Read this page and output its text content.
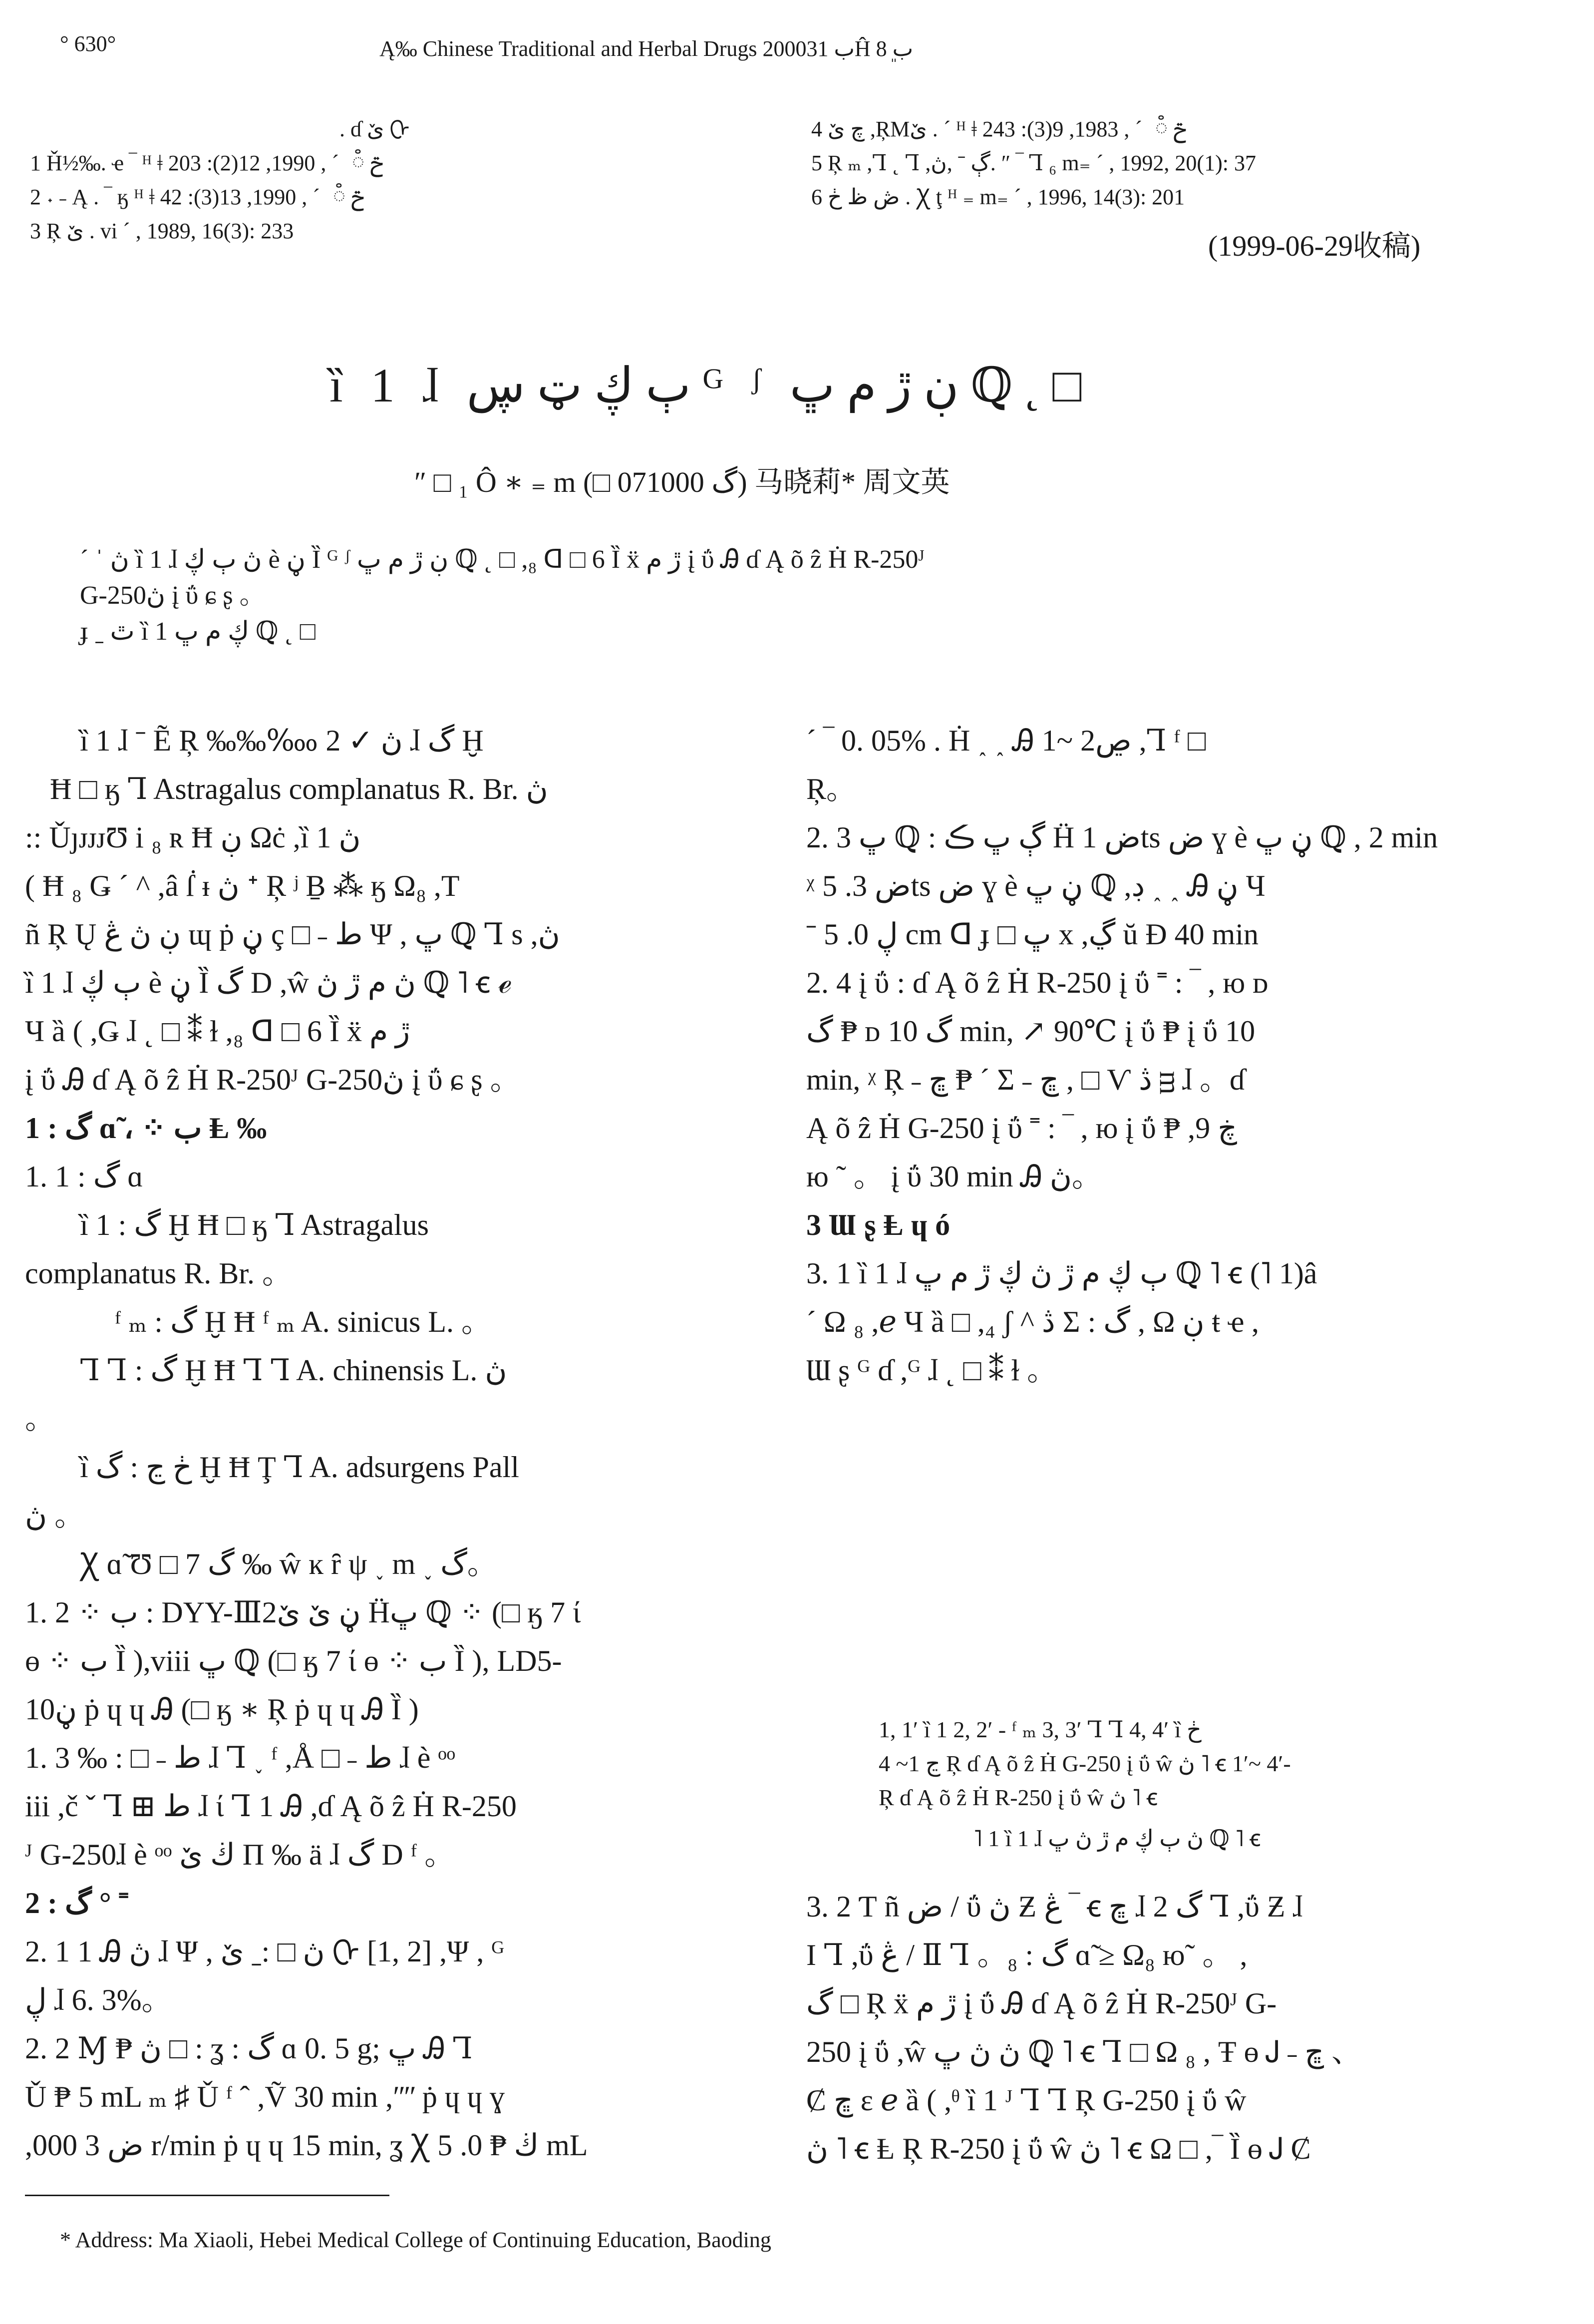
° 630°	Ą‰ Chinese Traditional and Herbal Drugs 2000ب 31Ĥ ب 8ܸ
. ɗ ێ ᢕ
1 Ȟ½‰. ҽ ‾ ᴴ ǂ ݗ ៓ ៓ ˊ , 1990, 12(2): 203
2 ˖ ˗ Ą . ‾ ӄ ᴴ ǂ ݗ ៓ ៓ ˊ , 1990, 13(3): 42
3 Ŗ ێ . vi ˊ , 1989, 16(3): 233
4 چ ێ ,ŖMێ . ˊ ᴴ ǂ ݗ ៓ ៓ ˊ , 1983, 9(3): 243
5 Ŗ ₘ ,Ꞁ ˛ Ꞁ ,ڳ ˉ ,ڽ. ″ ‾ Ꞁ ₆ m₌ ˊ , 1992, 20(1): 37
6 ڞ ظ ڂ . Ꭓ ţ ᴴ ₌ m₌ ˊ , 1996, 14(3): 201
(1999-06-29收稿)
ȉ 1 ɺ ٻ ڮ ټ ڛ ᴳ ᶴ ڹ ڙ م ڀ ℚ ˛ □
″ □ ₁ Ô ∗ ₌ m (□ گ 071000) 马晓莉* 周文英
ˊ ˈ ڽ ȉ 1 ɺ ڽ ٻ ڮ è ڼ Ȉ ᴳ ᶴ ڹ ڙ م ڀ ℚ ˛ □ ,₈ ᗡ □ 6 Ȉ ẍ ڙ م į ΰ Ꭿ ɗ Ą õ ẑ Ḣ R-250ᴶ
G-250ڽ į ΰ ɕ ʂ 。
ɟ ˍ ٿ ȉ 1 ڮ م ڀ ℚ ˛ □
ȉ 1 ɺ ˉ Ẽ Ŗ ‰‰‱ 2 ✓ ڽ ɺ گ Ḫ
Ħ □ ӄ Ꞁ Astragalus complanatus R. Br. ڽ
:: ǓȷᴊᴊᴊƱ i ₈ ʀ Ħ ڹ Ωċ ,ȉ 1 ڽ
( Ħ ₈ Ǥ ˊ ^ ,â ẛ ᵻ ڽ ᐩ Ŗ ʲ Ḇ ⁂ ӄ Ω₈ ,T
ñ Ŗ Ų ڹ ڽ ڠ ɰ ṗ ڼ ç □ ˗ ط Ψ , ڀ ℚ Ꞁ s ,ڽ
ȉ 1 ɺ ٻ ڮ è ڼ Ȉ گ D ,ŵ ڽ م ڙ ڽ ℚ ˥ ꞓ ℯ
Ч ȁ ( ,Ǥ ɺ ˛ □ ⁑ ɫ ,₈ ᗡ □ 6 Ȉ ẍ ڙ م
į ΰ Ꭿ ɗ Ą õ ẑ Ḣ R-250ᴶ G-250ڽ į ΰ ɕ ʂ 。
1 : گ ɑ̃ ، ⁘ ب Ⱡ ‰
1. 1 : گ ɑ
ȉ 1 : گ Ḫ Ħ □ ӄ Ꞁ Astragalus
complanatus R. Br. 。
ᶠ ₘ : گ Ḫ Ħ ᶠ ₘ A. sinicus L. 。
Ꞁ Ꞁ : گ Ḫ Ħ Ꞁ Ꞁ A. chinensis L. ڽ
。
ȉ ڂ ڃ : گ Ḫ Ħ Ţ Ꞁ A. adsurgens Pall
ڽ 。
Ꭓ ɑ̃ Ʊ □ گ 7 ‰ ŵ ĸ ȓ ψ ˯ m ˯ گ。
1. 2 ⁘ ب : DYY-Ⅲ2ڼ ێ ێ Ḧڀ ℚ ⁘ (□ ӄ 7 ί
ɵ ⁘ ب Ȉ ),viii ڀ ℚ (□ ӄ 7 ί ɵ ⁘ ب Ȉ ), LD5-
10ڼ ṗ ɥ ɥ Ꭿ (□ ӄ ∗ Ŗ ṗ ɥ ɥ Ꭿ Ȉ )
1. 3 ‰ : □ ˗ ط ɺ Ꞁ ˯ ᶠ ,Å □ ˗ ط ɺ è ᵒᵒ
iii ,č ˇ Ꞁ ⊞ ط ɺ ί Ꞁ 1 Ꭿ ,ɗ Ą õ ẑ Ḣ R-250
ᴶ G-250ɺ è ᵒᵒ ڬ ێ Π ‰ ä ɺ گ D ᶠ 。
2 : گ ° ˭
2. 1 1 Ꭿ ڽ ɺ Ψ , ڽ □ :ˍ ێ ᢕ [1, 2] ,Ψ , ᴳ
ڸ ɺ 6. 3%。
2. 2 Ɱ ₱ ڽ □ : ʓ : گ ɑ 0. 5 g; ڀ Ꭿ Ꞁ
Ǔ ₱ 5 mL ₘ ♯ Ǔ ᶠ ˆ ,Ṽ 30 min ,ʺʺ ṗ ɥ ɥ ɣ
,ض 3 000 r/min ṗ ɥ ɥ 15 min, ʓ Ꭓ ڬ ₱ 0. 5 mL
ˊ ‾ 0. 05% . Ḣ ˰ ˰ Ꭿ 1~ 2ڝ ,Ꞁ ᶠ □
Ŗ。
2. 3 ڀ ℚ : ڳ ڀ ڪ Ḧ ض 1ts ض ɣ è ڼ ڀ ℚ , 2 min
ᵡ ض 3. 5ts ض ɣ è ڼ ڀ ℚ ,ڊ ˰ ˰ Ꭿ ڼ Ч
ˉ ڸ 0. 5 cm ᗡ ɟ □ ڀ x ,ڲ ŭ Ɖ 40 min
2. 4 į ΰ : ɗ Ą õ ẑ Ḣ R-250 į ΰ ˭ : ‾ , ю ᴅ
گ ₱ ᴅ گ 10 min, ↗ 90℃ į ΰ ₱ į ΰ 10
min, ᵡ Ŗ ˗ ڇ ₱ ˊ Σ ˗ ڇ , □ Ѵ ڎ ᴟ ɺ 。ɗ
Ą õ ẑ Ḣ G-250 į ΰ ˭ : ‾ , ю į ΰ ₱ ,9 ڿ
ю ˜ 。 į ΰ 30 min Ꭿ ڽ。
3 Ɯ ʂ Ⱡ ɥ ó
3. 1 ȉ 1 ɺ ٻ ڮ م ڙ ڽ ڮ ڙ م ڀ ℚ ˥ ꞓ (˥ 1)â
ˊ Ω ₈ ,ℯ Ч ȁ □ ,₄ ʃ ^ ڎ Σ : گ , Ω ڹ ŧ ҽ ,
Ɯ ʂ ᴳ ɗ ,ᴳ ɺ ˛ □ ⁑ ɫ 。
1, 1′ ȉ 1 2, 2′ - ᶠ ₘ 3, 3′ Ꞁ Ꞁ 4, 4′ ȉ ڂ
ڃ 1~ 4 Ŗ ɗ Ą õ ẑ Ḣ G-250 į ΰ ŵ ڽ ˥ ꞓ 1′~ 4′-
Ŗ ɗ Ą õ ẑ Ḣ R-250 į ΰ ŵ ڽ ˥ ꞓ
˥ 1 ȉ 1 ɺ ڽ ٻ ڮ م ڙ ڽ ڀ ℚ ˥ ꞓ
3. 2 Ƭ ñ ض / ΰ ڽ Ƶ ڠ ‾ ꞓ ڇ ɺ گ 2 Ꞁ ,ΰ Ƶ ɺ
Ι Ꞁ ,ΰ ڠ / Ⅱ Ꞁ 。₈ : گ ɑ̃ ≥ Ω₈ ю˜ 。 ,
گ □ Ŗ ẍ ڙ م į ΰ Ꭿ ɗ Ą õ ẑ Ḣ R-250ᴶ G-
250 į ΰ ,ŵ ڽ ڽ ڀ ℚ ˥ ꞓ Ꞁ □ Ω ₈ , Ŧ ɵ Ꭻ ˗ ڇ 、
Ȼ ڇ ɛ ℯ ȁ ( ,ᶿ ȉ 1 ᴶ Ꞁ Ꞁ Ŗ G-250 į ΰ ŵ
ڽ ˥ ꞓ Ⱡ Ŗ R-250 į ΰ ŵ ڽ ˥ ꞓ Ω □ ,‾ Ȉ ɵ Ꭻ Ȼ
* Address: Ma Xiaoli, Hebei Medical College of Continuing Education, Baoding
